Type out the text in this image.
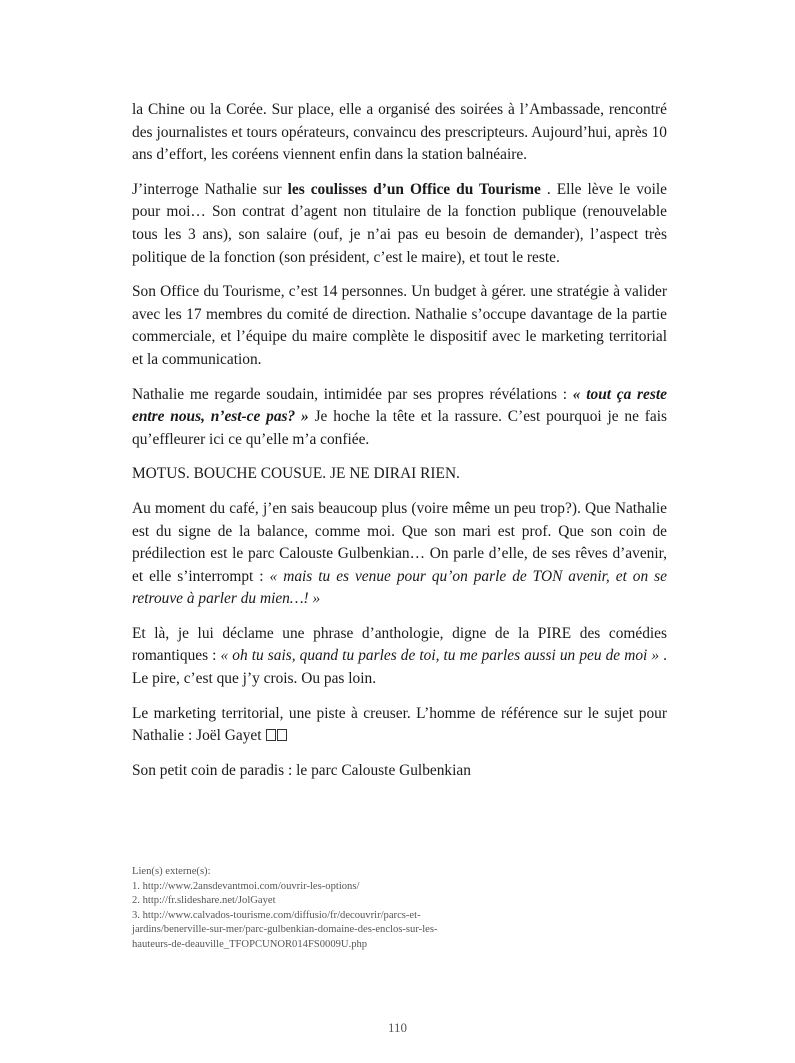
la Chine ou la Corée. Sur place, elle a organisé des soirées à l’Ambassade, rencontré des journalistes et tours opérateurs, convaincu des prescripteurs. Aujourd’hui, après 10 ans d’effort, les coréens viennent enfin dans la station balnéaire.

J’interroge Nathalie sur les coulisses d’un Office du Tourisme . Elle lève le voile pour moi… Son contrat d’agent non titulaire de la fonction publique (renouvelable tous les 3 ans), son salaire (ouf, je n’ai pas eu besoin de demander), l’aspect très politique de la fonction (son président, c’est le maire), et tout le reste.

Son Office du Tourisme, c’est 14 personnes. Un budget à gérer. une stratégie à valider avec les 17 membres du comité de direction. Nathalie s’occupe davantage de la partie commerciale, et l’équipe du maire complète le dispositif avec le marketing territorial et la communication.

Nathalie me regarde soudain, intimidée par ses propres révélations : « tout ça reste entre nous, n’est-ce pas? » Je hoche la tête et la rassure. C’est pourquoi je ne fais qu’effleurer ici ce qu’elle m’a confiée.

MOTUS. BOUCHE COUSUE. JE NE DIRAI RIEN.

Au moment du café, j’en sais beaucoup plus (voire même un peu trop?). Que Nathalie est du signe de la balance, comme moi. Que son mari est prof. Que son coin de prédilection est le parc Calouste Gulbenkian… On parle d’elle, de ses rêves d’avenir, et elle s’interrompt : « mais tu es venue pour qu’on parle de TON avenir, et on se retrouve à parler du mien…! »

Et là, je lui déclame une phrase d’anthologie, digne de la PIRE des comédies romantiques : « oh tu sais, quand tu parles de toi, tu me parles aussi un peu de moi » . Le pire, c’est que j’y crois. Ou pas loin.

Le marketing territorial, une piste à creuser. L’homme de référence sur le sujet pour Nathalie : Joël Gayet

Son petit coin de paradis : le parc Calouste Gulbenkian

Lien(s) externe(s):
1. http://www.2ansdevantmoi.com/ouvrir-les-options/
2. http://fr.slideshare.net/JolGayet
3. http://www.calvados-tourisme.com/diffusio/fr/decouvrir/parcs-et-
jardins/benerville-sur-mer/parc-gulbenkian-domaine-des-enclos-sur-les-
hauteurs-de-deauville_TFOPCUNOR014FS0009U.php
110
